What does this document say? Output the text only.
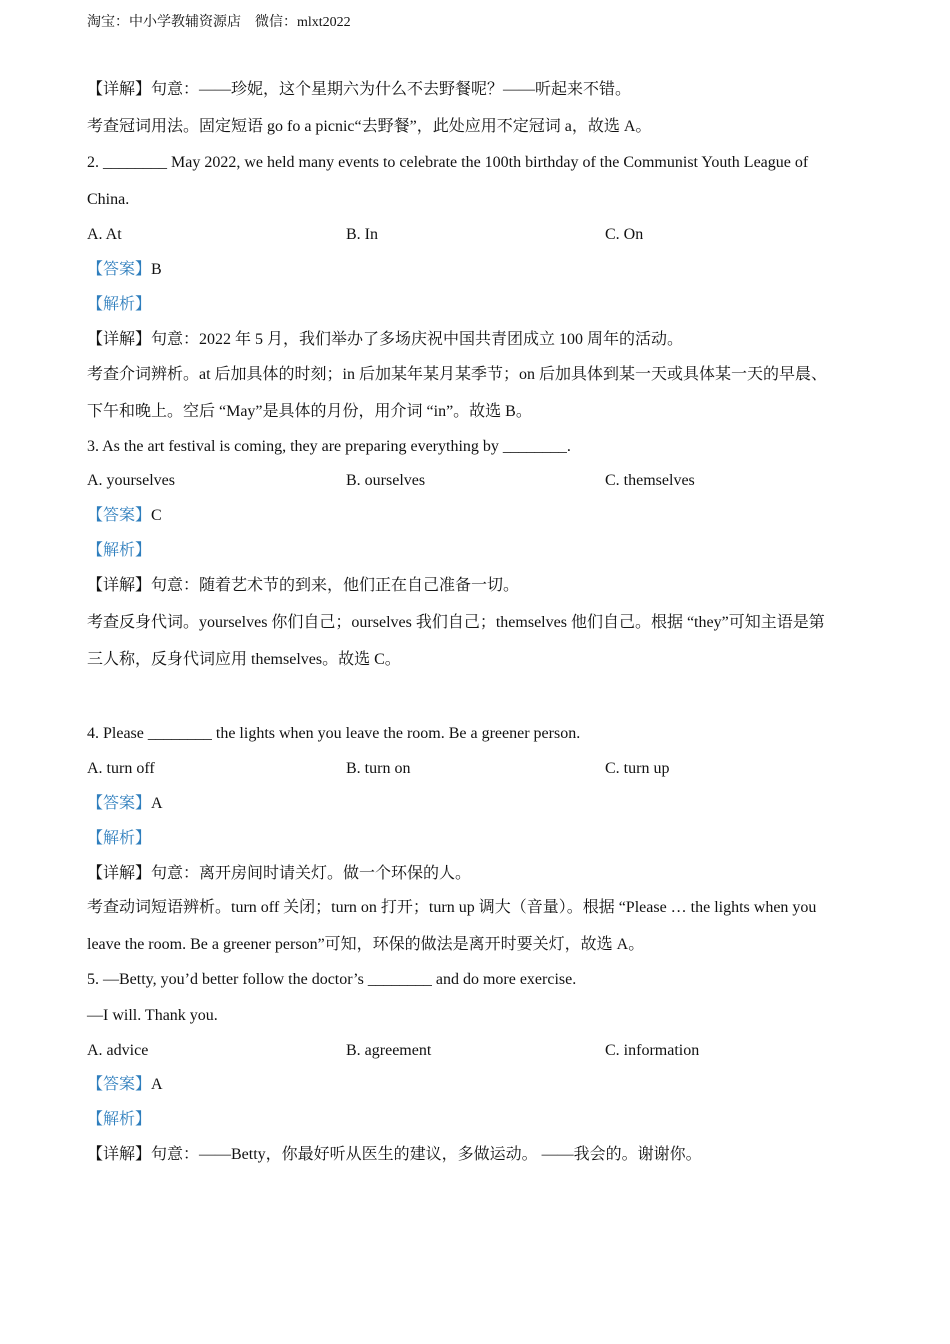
淘宝：中小学教辅资源店　微信：mlxt2022
【详解】句意：——珍妮，这个星期六为什么不去野餐呢？——听起来不错。
考查冠词用法。固定短语 go fo a picnic“去野餐”，此处应用不定冠词 a，故选 A。
2. ________ May 2022, we held many events to celebrate the 100th birthday of the Communist Youth League of
China.
A. At	B. In	C. On
【答案】B
【解析】
【详解】句意：2022 年 5 月，我们举办了多场庆祝中国共青团成立 100 周年的活动。
考查介词辨析。at 后加具体的时刻；in 后加某年某月某季节；on 后加具体到某一天或具体某一天的早晨、
下午和晚上。空后 “May”是具体的月份，用介词 “in”。故选 B。
3. As the art festival is coming, they are preparing everything by ________.
A. yourselves	B. ourselves	C. themselves
【答案】C
【解析】
【详解】句意：随着艺术节的到来，他们正在自己准备一切。
考查反身代词。yourselves 你们自己；ourselves 我们自己；themselves 他们自己。根据 “they”可知主语是第
三人称，反身代词应用 themselves。故选 C。
4. Please ________ the lights when you leave the room. Be a greener person.
A. turn off	B. turn on	C. turn up
【答案】A
【解析】
【详解】句意：离开房间时请关灯。做一个环保的人。
考查动词短语辨析。turn off 关闭；turn on 打开；turn up 调大（音量）。根据 “Please … the lights when you
leave the room. Be a greener person”可知，环保的做法是离开时要关灯，故选 A。
5. —Betty, you’d better follow the doctor’s ________ and do more exercise.
—I will. Thank you.
A. advice	B. agreement	C. information
【答案】A
【解析】
【详解】句意：——Betty，你最好听从医生的建议，多做运动。 ——我会的。谢谢你。
